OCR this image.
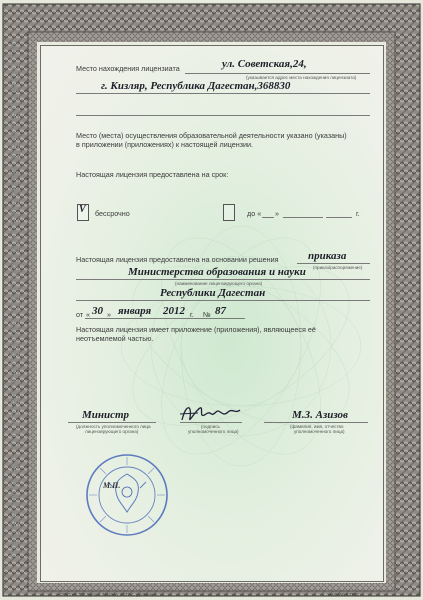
ЛИЦЕНЗИЯ НА ОСУЩЕСТВЛЕНИЕ ОБРАЗОВАТЕЛЬНОЙ ДЕЯТЕЛЬНОСТИ	Место нахождения лицензиата	ул. Советская,24,
(указывается адрес места нахождения лицензиата)
г. Кизляр, Республика Дагестан,368830
Место (места) осуществления образовательной деятельности указано (указаны)
в приложении (приложениях) к настоящей лицензии.
Настоящая лицензия предоставлена на срок:
V бессрочно	до « »	г.
Настоящая лицензия предоставлена на основании решения	приказа
(приказ/распоряжение)
Министерства образования и науки
(наименование лицензирующего органа)
Республики Дагестан
от « 30 » января 2012 г. № 87
Настоящая лицензия имеет приложение (приложения), являющееся её
неотъемлемой частью.
Министр
(должность уполномоченного лица
лицензирующего органа)
(подпись
уполномоченного лица)
М.З. Азизов
(фамилия, имя, отчество
уполномоченного лица)
М.П.
ООО «Б.Т.П.Арт», г. Москва, 2012 г., уровень А	заказ № А3798
